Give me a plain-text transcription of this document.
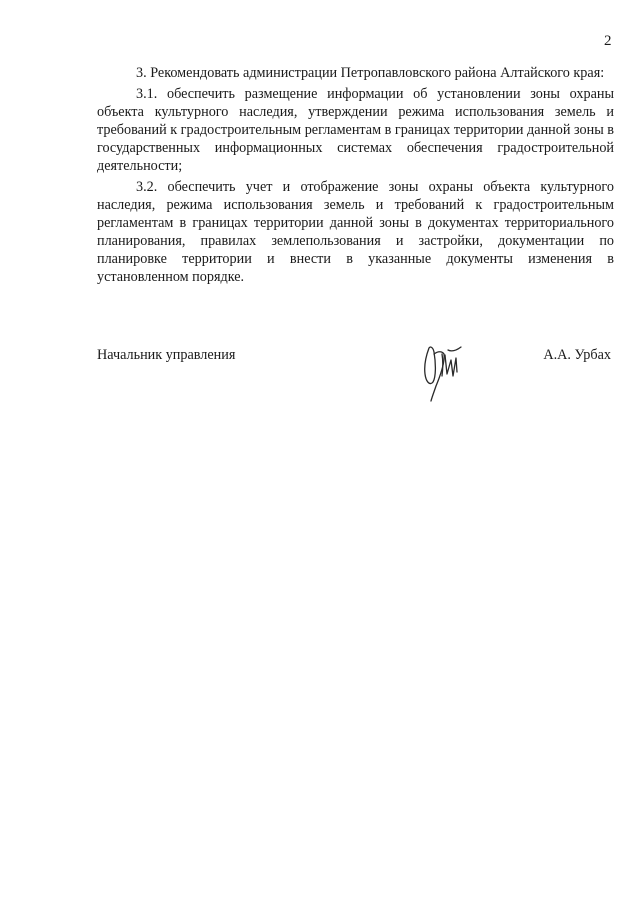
2

3. Рекомендовать администрации Петропавловского района Алтайского края:

3.1. обеспечить размещение информации об установлении зоны охраны объекта культурного наследия, утверждении режима использования земель и требований к градостроительным регламентам в границах территории данной зоны в государственных информационных системах обеспечения градостроительной деятельности;

3.2. обеспечить учет и отображение зоны охраны объекта культурного наследия, режима использования земель и требований к градостроительным регламентам в границах территории данной зоны в документах территориального планирования, правилах землепользования и застройки, документации по планировке территории и внести в указанные документы изменения в установленном порядке.

Начальник управления	А.А. Урбах
